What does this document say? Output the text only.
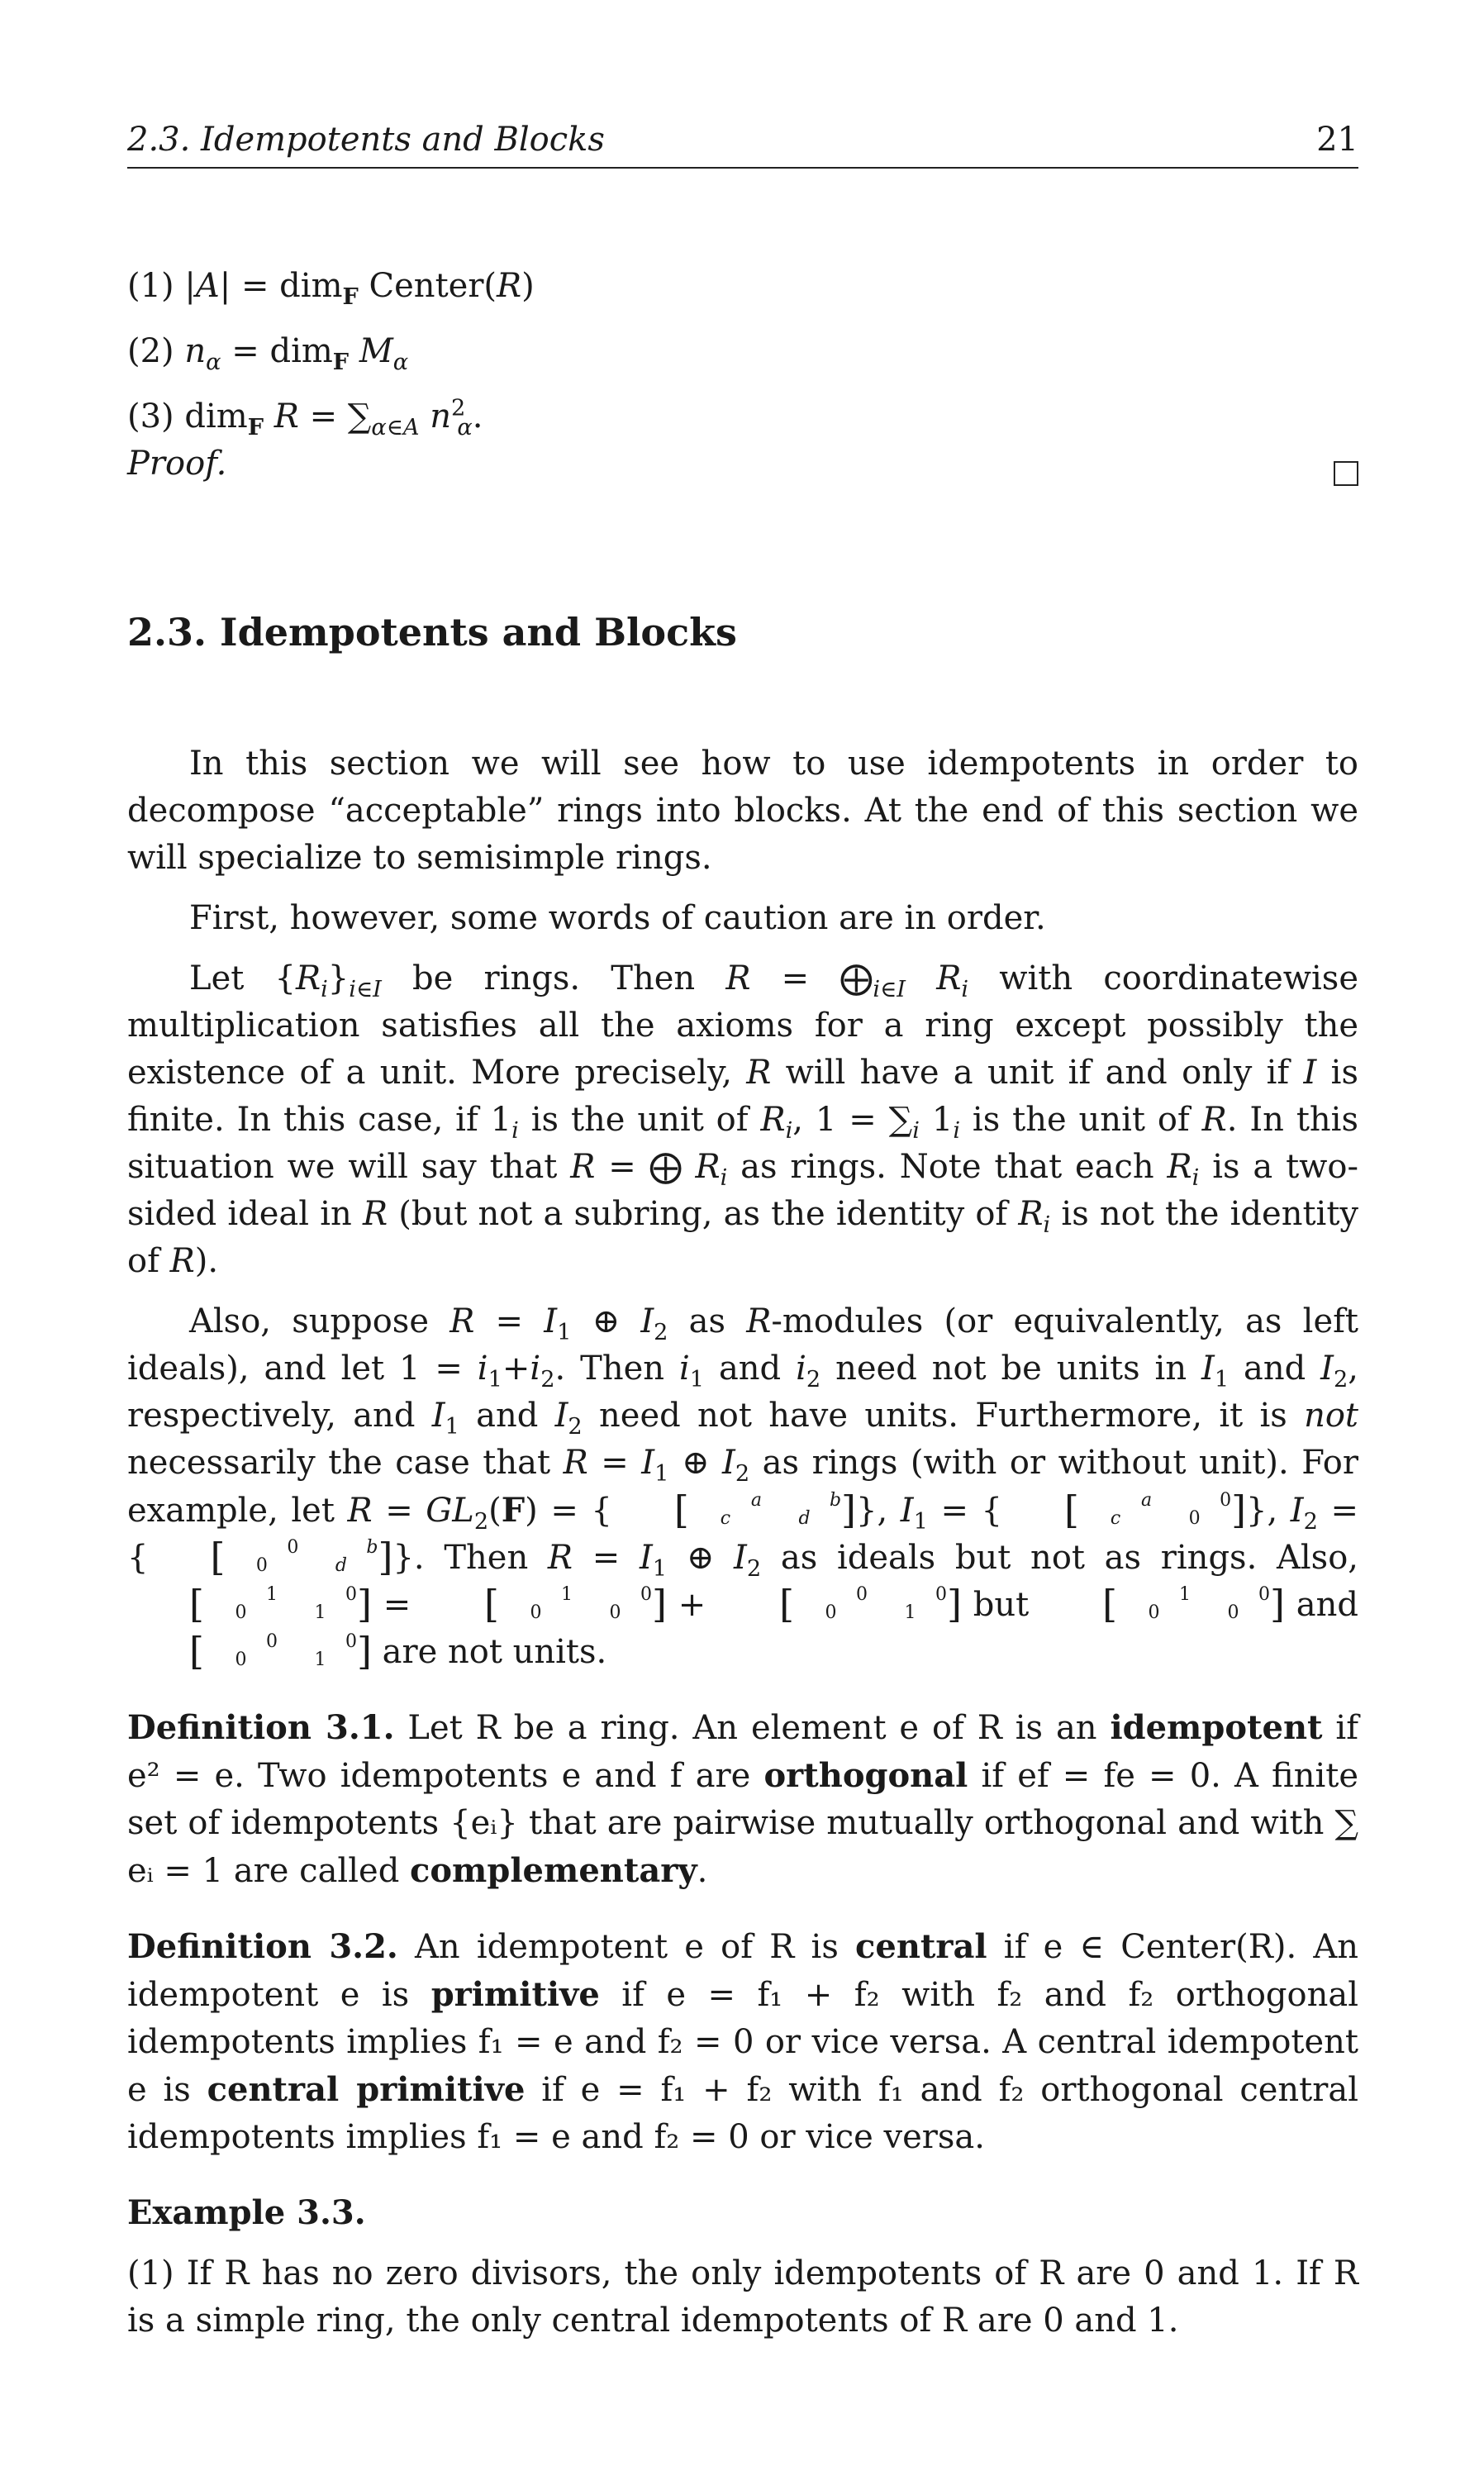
2.3. Idempotents and Blocks	21
(1) |A| = dim$_F$ Center(R)
(2) $n_\alpha = dim_F$ $M_\alpha$
(3) dim$_F$ $R = \sum_{\alpha\in A}$ $n^2_\alpha$.
Proof.
2.3. Idempotents and Blocks

In this section we will see how to use idempotents in order to decompose “acceptable” rings into blocks. At the end of this section we will specialize to semisimple rings.

First, however, some words of caution are in order.

Let $\{R_i\}_{i\in I}$ be rings. Then $R = ⨁_{i\in I}$ $R_i$ with coordinatewise multiplication satisfies all the axioms for a ring except possibly the existence of a unit. More precisely, R will have a unit if and only if I is finite. In this case, if $1_i$ is the unit of $R_i$, $1 = \sum_i$ $1_i$ is the unit of R. In this situation we will say that R = ⨁ $R_i$ as rings. Note that each $R_i$ is a two-sided ideal in R (but not a subring, as the identity of $R_i$ is not the identity of R).

Also, suppose $R = I_1$ ⊕ $I_2$ as R-modules (or equivalently, as left ideals), and let $1 = i_1+i_2$. Then $i_1$ and $i_2$ need not be units in $I_1$ and $I_2$, respectively, and $I_1$ and $I_2$ need not have units. Furthermore, it is not necessarily the case that $R = I_1$ ⊕ $I_2$ as rings (with or without unit). For example, let $R = GL_2(F)$ = { [	a
c b
d ]}, $I_1$ = { [	a
c 0
0 ]}, $I_2$ = { [	0
0 b
d ]}. Then $R = I_1$ ⊕ $I_2$ as ideals but not as rings. Also, [	1
0 0
1 ] = [	1
0 0
0 ] + [	0
0 0
1 ] but [	1
0 0
0 ] and [	0
0 0
1 ] are not units.

Definition 3.1. Let R be a ring. An element e of R is an idempotent if e² = e. Two idempotents e and f are orthogonal if ef = fe = 0. A finite set of idempotents {eᵢ} that are pairwise mutually orthogonal and with ∑ eᵢ = 1 are called complementary.

Definition 3.2. An idempotent e of R is central if e ∈ Center(R). An idempotent e is primitive if e = f₁ + f₂ with f₂ and f₂ orthogonal idempotents implies f₁ = e and f₂ = 0 or vice versa. A central idempotent e is central primitive if e = f₁ + f₂ with f₁ and f₂ orthogonal central idempotents implies f₁ = e and f₂ = 0 or vice versa.

Example 3.3.

(1) If R has no zero divisors, the only idempotents of R are 0 and 1. If R is a simple ring, the only central idempotents of R are 0 and 1.
